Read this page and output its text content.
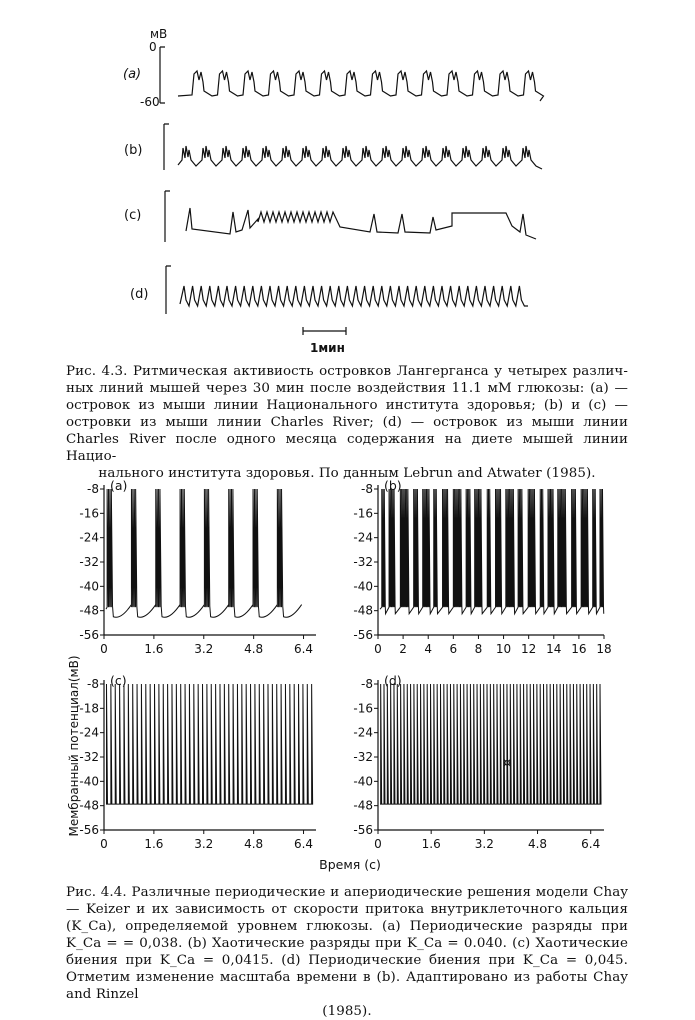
мВ
0
-60
(a)
(b)
(c)
(d)
1мин
Рис. 4.3. Ритмическая активиость островков Лангерганса у четырех различ- ных линий мышей через 30 мин после воздействия 11.1 мМ глюкозы: (a) — островок из мыши линии Национального института здоровья; (b) и (c) — островки из мыши линии Charles River; (d) — островок из мыши линии Charles River после одного месяца содержания на диете мышей линии Нацио-
нального института здоровья. По данным Lebrun and Atwater (1985).
Мембранный потенциал(мВ)
Время (с)
¤
-8
-16
-24
-32
-40
-48
-56
0	1.6	3.2	4.8	6.4
(a)	-8
-16
-24
-32
-40
-48
-56
0 2 4 6 8 10 12 14 16 18
(b)
-8
-18
-24
-32
-40
-48
-56
0	1.6	3.2	4.8	6.4
(c)	-8
-16
-24
-32
-40
-48
-56
0	1.6	3.2	4.8	6.4
(d)
Рис. 4.4. Различные периодические и апериодические решения модели Chay — Keizer и их зависимость от скорости притока внутриклеточного кальция (K_Ca), определяемой уровнем глюкозы. (a) Периодические разряды при K_Ca = = 0,038. (b) Хаотические разряды при K_Ca = 0.040. (c) Хаотические биения при K_Ca = 0,0415. (d) Периодические биения при K_Ca = 0,045. Отметим изменение масштаба времени в (b). Адаптировано из работы Chay and Rinzel
(1985).
